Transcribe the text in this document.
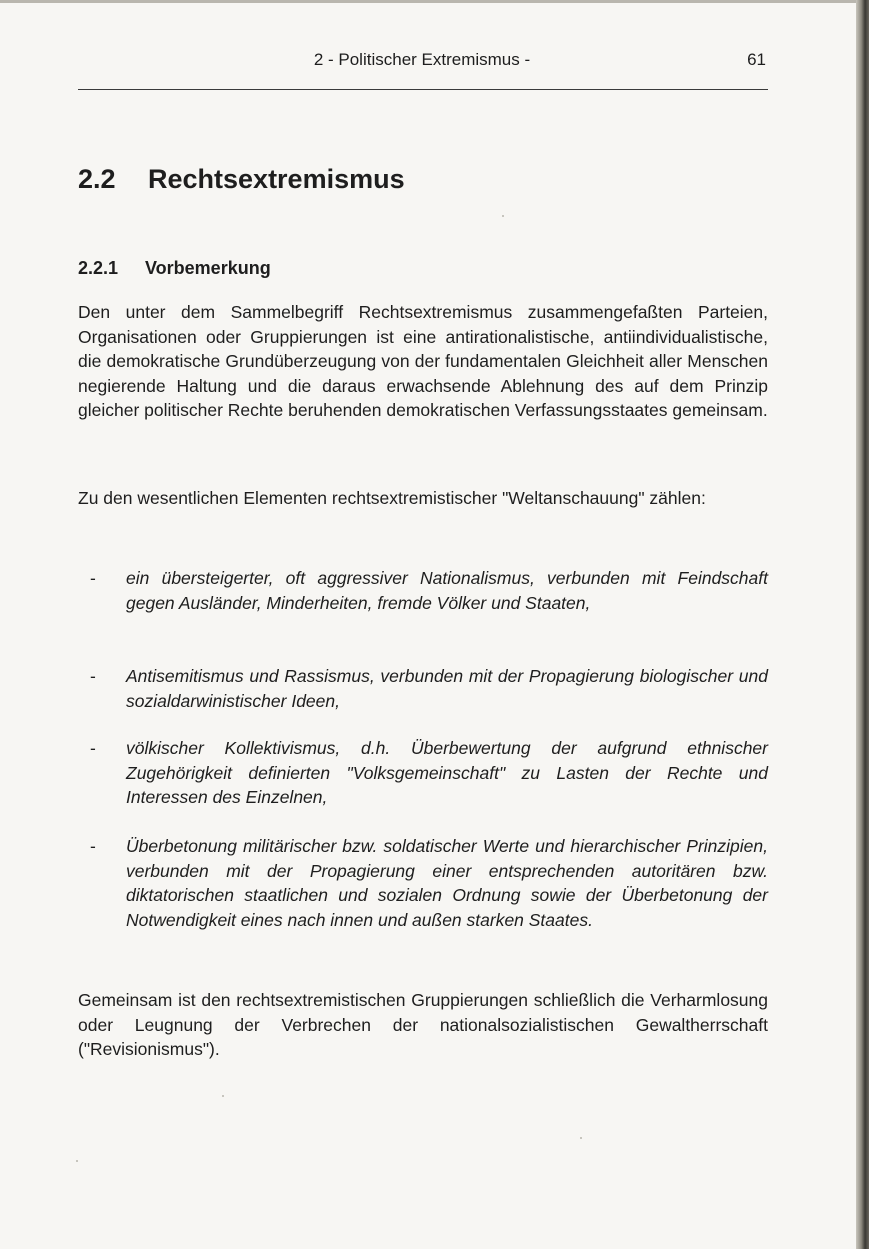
2 - Politischer Extremismus -	61
2.2 Rechtsextremismus
2.2.1 Vorbemerkung

Den unter dem Sammelbegriff Rechtsextremismus zusammengefaßten Parteien, Organisationen oder Gruppierungen ist eine antirationalistische, antiindividualistische, die demokratische Grundüberzeugung von der fundamentalen Gleichheit aller Menschen negierende Haltung und die daraus erwachsende Ablehnung des auf dem Prinzip gleicher politischer Rechte beruhenden demokratischen Verfassungsstaates gemeinsam.

Zu den wesentlichen Elementen rechtsextremistischer "Weltanschauung" zählen:

- ein übersteigerter, oft aggressiver Nationalismus, verbunden mit Feindschaft gegen Ausländer, Minderheiten, fremde Völker und Staaten,

- Antisemitismus und Rassismus, verbunden mit der Propagierung biologischer und sozialdarwinistischer Ideen,

- völkischer Kollektivismus, d.h. Überbewertung der aufgrund ethnischer Zugehörigkeit definierten "Volksgemeinschaft" zu Lasten der Rechte und Interessen des Einzelnen,

- Überbetonung militärischer bzw. soldatischer Werte und hierarchischer Prinzipien, verbunden mit der Propagierung einer entsprechenden autoritären bzw. diktatorischen staatlichen und sozialen Ordnung sowie der Überbetonung der Notwendigkeit eines nach innen und außen starken Staates.

Gemeinsam ist den rechtsextremistischen Gruppierungen schließlich die Verharmlosung oder Leugnung der Verbrechen der nationalsozialistischen Gewaltherrschaft ("Revisionismus").
